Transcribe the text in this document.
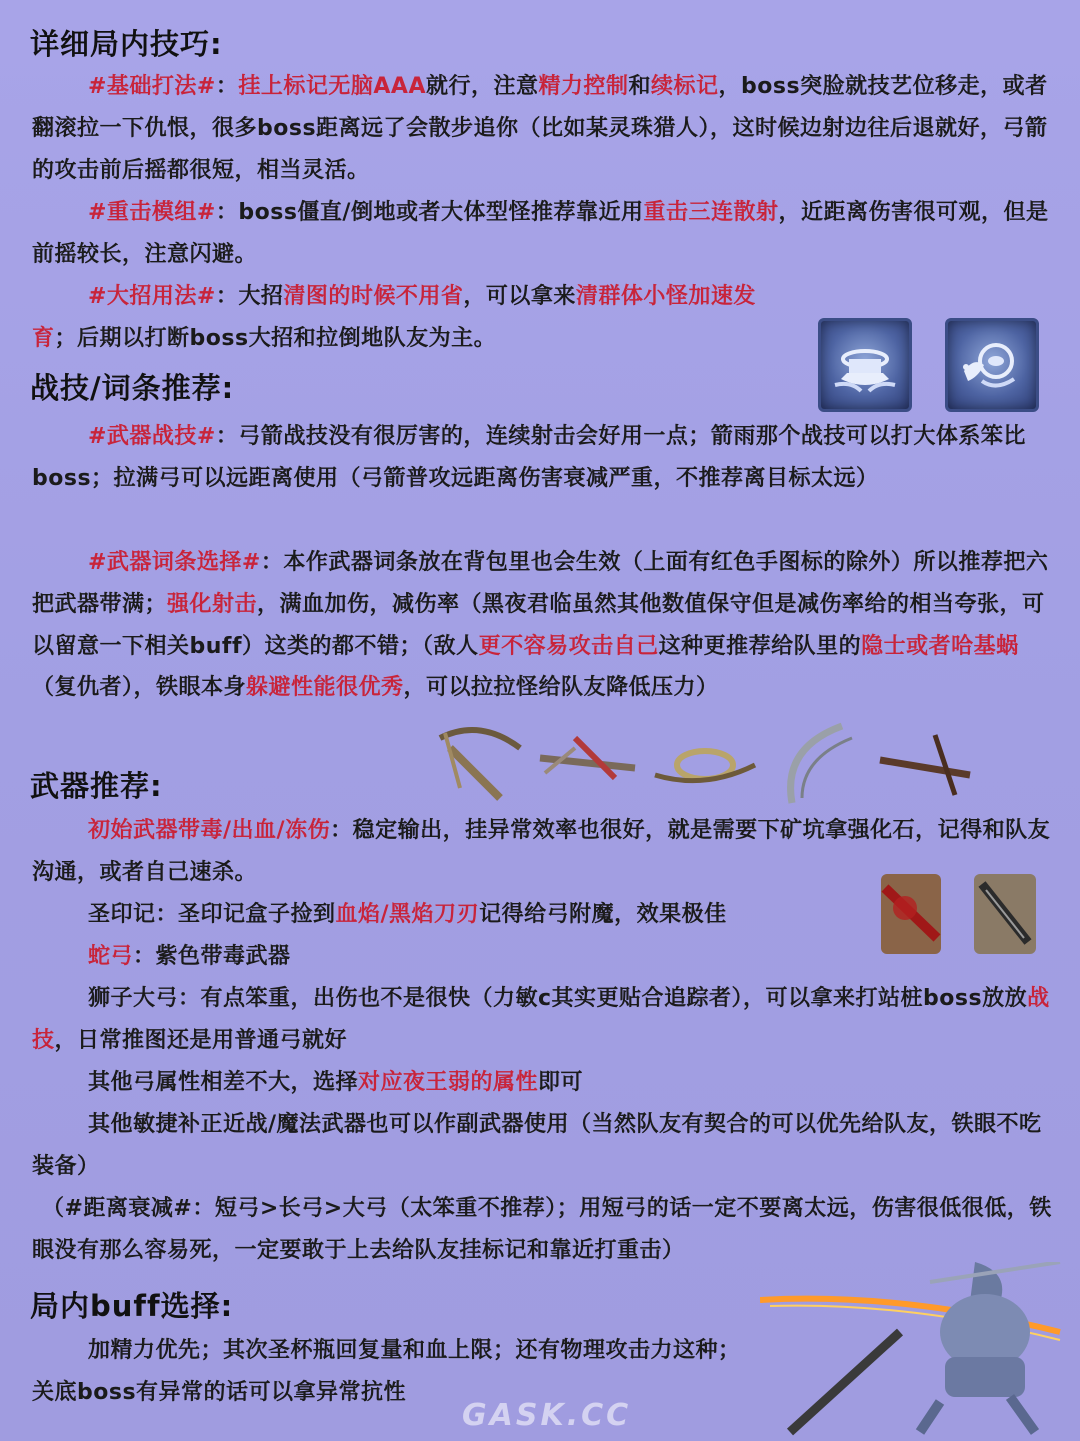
详细局内技巧:
#基础打法#：挂上标记无脑AAA就行，注意精力控制和续标记，boss突脸就技艺位移走，或者翻滚拉一下仇恨，很多boss距离远了会散步追你（比如某灵珠猎人），这时候边射边往后退就好，弓箭的攻击前后摇都很短，相当灵活。
#重击模组#：boss僵直/倒地或者大体型怪推荐靠近用重击三连散射，近距离伤害很可观，但是前摇较长，注意闪避。
#大招用法#：大招清图的时候不用省，可以拿来清群体小怪加速发育；后期以打断boss大招和拉倒地队友为主。
战技/词条推荐:
#武器战技#：弓箭战技没有很厉害的，连续射击会好用一点；箭雨那个战技可以打大体系笨比boss；拉满弓可以远距离使用（弓箭普攻远距离伤害衰减严重，不推荐离目标太远）
#武器词条选择#：本作武器词条放在背包里也会生效（上面有红色手图标的除外）所以推荐把六把武器带满；强化射击，满血加伤，减伤率（黑夜君临虽然其他数值保守但是减伤率给的相当夸张，可以留意一下相关buff）这类的都不错；（敌人更不容易攻击自己这种更推荐给队里的隐士或者哈基蜗（复仇者），铁眼本身躲避性能很优秀，可以拉拉怪给队友降低压力）
武器推荐:
初始武器带毒/出血/冻伤：稳定输出，挂异常效率也很好，就是需要下矿坑拿强化石，记得和队友沟通，或者自己速杀。
圣印记：圣印记盒子捡到血焰/黑焰刀刃记得给弓附魔，效果极佳
蛇弓：紫色带毒武器
狮子大弓：有点笨重，出伤也不是很快（力敏c其实更贴合追踪者），可以拿来打站桩boss放放战技，日常推图还是用普通弓就好
其他弓属性相差不大，选择对应夜王弱的属性即可
其他敏捷补正近战/魔法武器也可以作副武器使用（当然队友有契合的可以优先给队友，铁眼不吃装备）
（#距离衰减#：短弓>长弓>大弓（太笨重不推荐）；用短弓的话一定不要离太远，伤害很低很低，铁眼没有那么容易死，一定要敢于上去给队友挂标记和靠近打重击）
局内buff选择:
加精力优先；其次圣杯瓶回复量和血上限；还有物理攻击力这种；关底boss有异常的话可以拿异常抗性
GASK.CC
